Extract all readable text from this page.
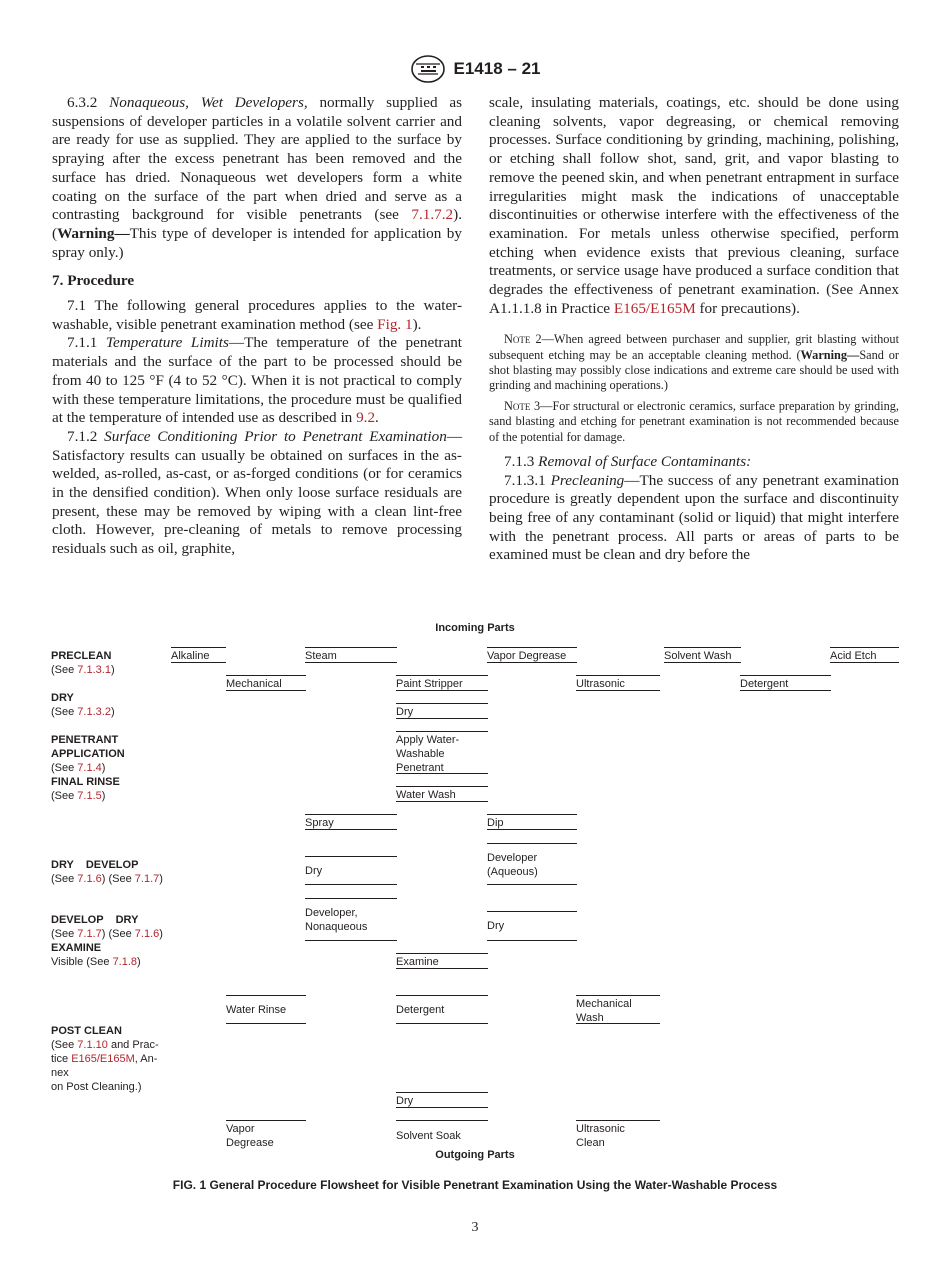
E1418 – 21

6.3.2 Nonaqueous, Wet Developers, normally supplied as suspensions of developer particles in a volatile solvent carrier and are ready for use as supplied. They are applied to the surface by spraying after the excess penetrant has been removed and the surface has dried. Nonaqueous wet developers form a white coating on the surface of the part when dried and serve as a contrasting background for visible penetrants (see 7.1.7.2). (Warning—This type of developer is intended for application by spray only.)

7. Procedure

7.1 The following general procedures applies to the water-washable, visible penetrant examination method (see Fig. 1).

7.1.1 Temperature Limits—The temperature of the penetrant materials and the surface of the part to be processed should be from 40 to 125 °F (4 to 52 °C). When it is not practical to comply with these temperature limitations, the procedure must be qualified at the temperature of intended use as described in 9.2.

7.1.2 Surface Conditioning Prior to Penetrant Examination—Satisfactory results can usually be obtained on surfaces in the as-welded, as-rolled, as-cast, or as-forged conditions (or for ceramics in the densified condition). When only loose surface residuals are present, these may be removed by wiping with a clean lint-free cloth. However, pre-cleaning of metals to remove processing residuals such as oil, graphite,

scale, insulating materials, coatings, etc. should be done using cleaning solvents, vapor degreasing, or chemical removing processes. Surface conditioning by grinding, machining, polishing, or etching shall follow shot, sand, grit, and vapor blasting to remove the peened skin, and when penetrant entrapment in surface irregularities might mask the indications of unacceptable discontinuities or otherwise interfere with the effectiveness of the examination. For metals unless otherwise specified, perform etching when evidence exists that previous cleaning, surface treatments, or service usage have produced a surface condition that degrades the effectiveness of penetrant examination. (See Annex A1.1.1.8 in Practice E165/E165M for precautions).

Note 2—When agreed between purchaser and supplier, grit blasting without subsequent etching may be an acceptable cleaning method. (Warning—Sand or shot blasting may possibly close indications and extreme care should be used with grinding and machining operations.)

Note 3—For structural or electronic ceramics, surface preparation by grinding, sand blasting and etching for penetrant examination is not recommended because of the potential for damage.

7.1.3 Removal of Surface Contaminants:

7.1.3.1 Precleaning—The success of any penetrant examination procedure is greatly dependent upon the surface and discontinuity being free of any contaminant (solid or liquid) that might interfere with the penetrant process. All parts or areas of parts to be examined must be clean and dry before the

Incoming Parts
PRECLEAN
(See 7.1.3.1)
DRY
(See 7.1.3.2)
PENETRANT
APPLICATION
(See 7.1.4)
FINAL RINSE
(See 7.1.5)
DRY    DEVELOP
(See 7.1.6) (See 7.1.7)
DEVELOP    DRY
(See 7.1.7) (See 7.1.6)
EXAMINE
Visible (See 7.1.8)
POST CLEAN
(See 7.1.10 and Prac-
tice E165/E165M, An-
nex
on Post Cleaning.)
Alkaline	Steam	Vapor Degrease	Solvent Wash	Acid Etch
Mechanical	Paint Stripper	Ultrasonic	Detergent
Dry
Apply Water-
Washable
Penetrant
Water Wash
Spray	Dip
Dry
Developer
(Aqueous)
Developer,
Nonaqueous	Dry
Examine
Water Rinse	Detergent	Mechanical
Wash
Dry
Vapor
Degrease
Solvent Soak
Ultrasonic
Clean
Outgoing Parts
FIG. 1 General Procedure Flowsheet for Visible Penetrant Examination Using the Water-Washable Process
3
